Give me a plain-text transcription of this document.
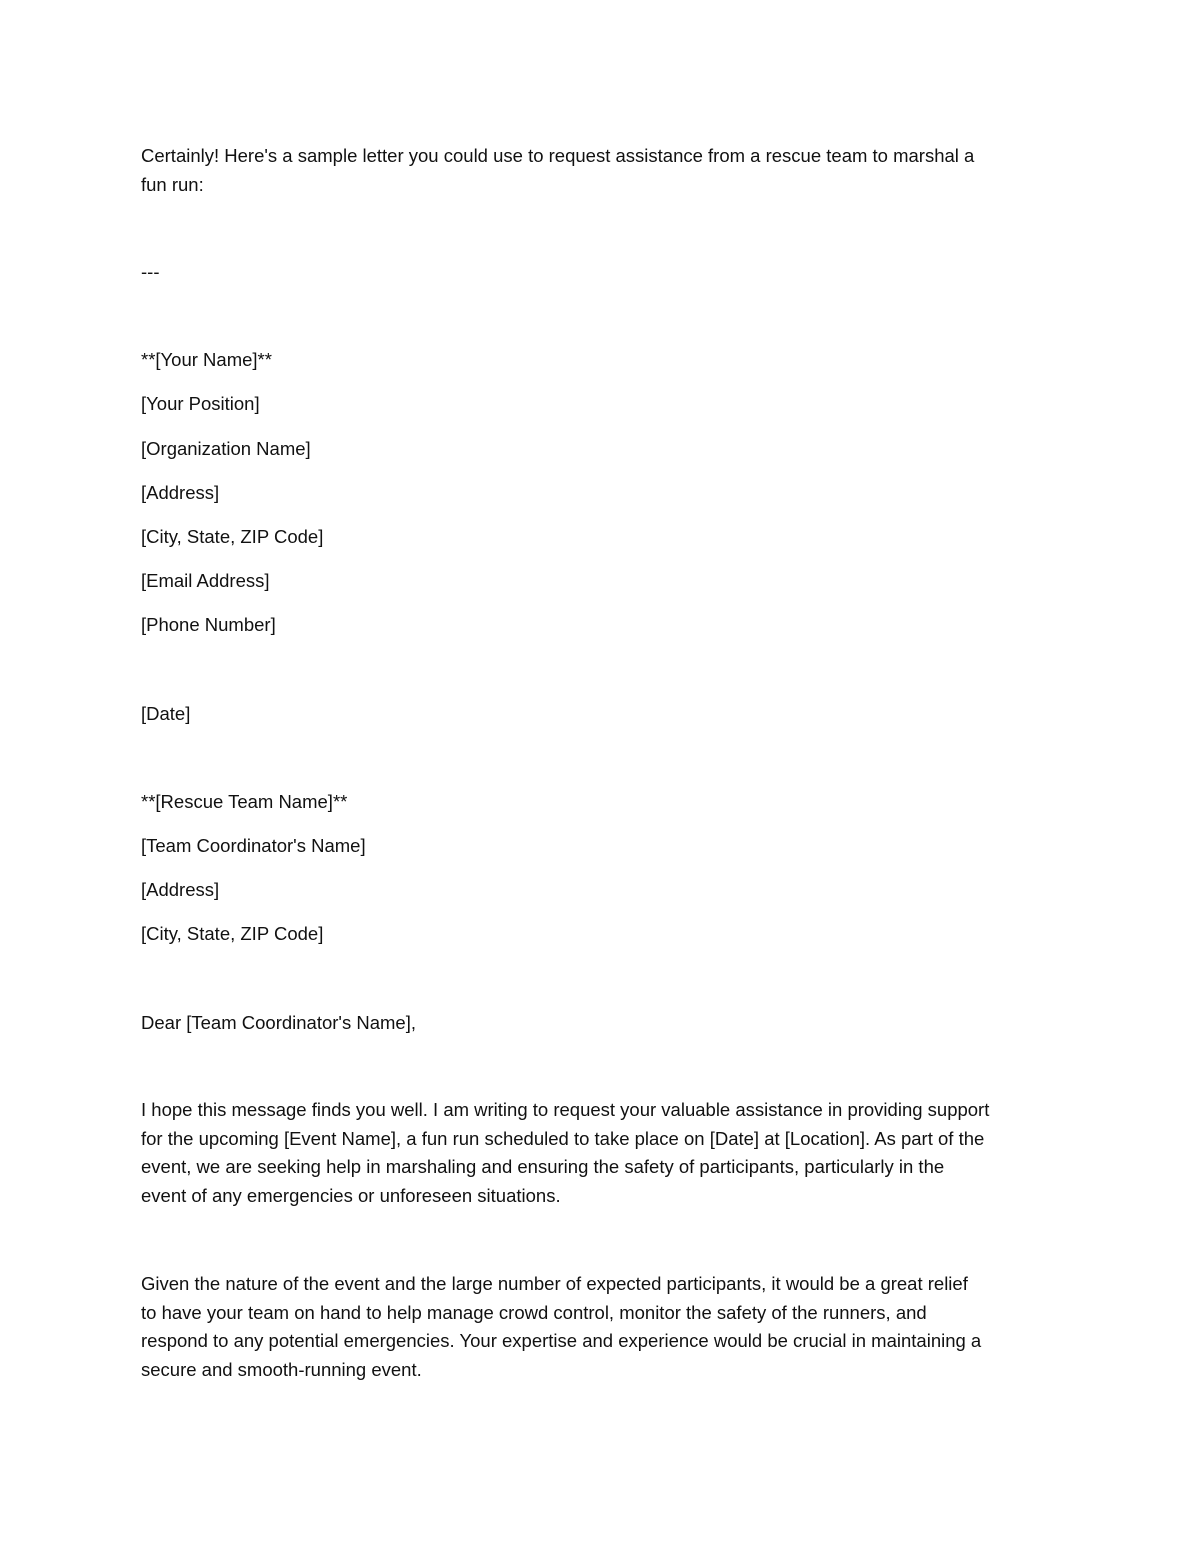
Certainly! Here's a sample letter you could use to request assistance from a rescue team to marshal a
fun run:
---
**[Your Name]**
[Your Position]
[Organization Name]
[Address]
[City, State, ZIP Code]
[Email Address]
[Phone Number]
[Date]
**[Rescue Team Name]**
[Team Coordinator's Name]
[Address]
[City, State, ZIP Code]
Dear [Team Coordinator's Name],
I hope this message finds you well. I am writing to request your valuable assistance in providing support
for the upcoming [Event Name], a fun run scheduled to take place on [Date] at [Location]. As part of the
event, we are seeking help in marshaling and ensuring the safety of participants, particularly in the
event of any emergencies or unforeseen situations.
Given the nature of the event and the large number of expected participants, it would be a great relief
to have your team on hand to help manage crowd control, monitor the safety of the runners, and
respond to any potential emergencies. Your expertise and experience would be crucial in maintaining a
secure and smooth-running event.
